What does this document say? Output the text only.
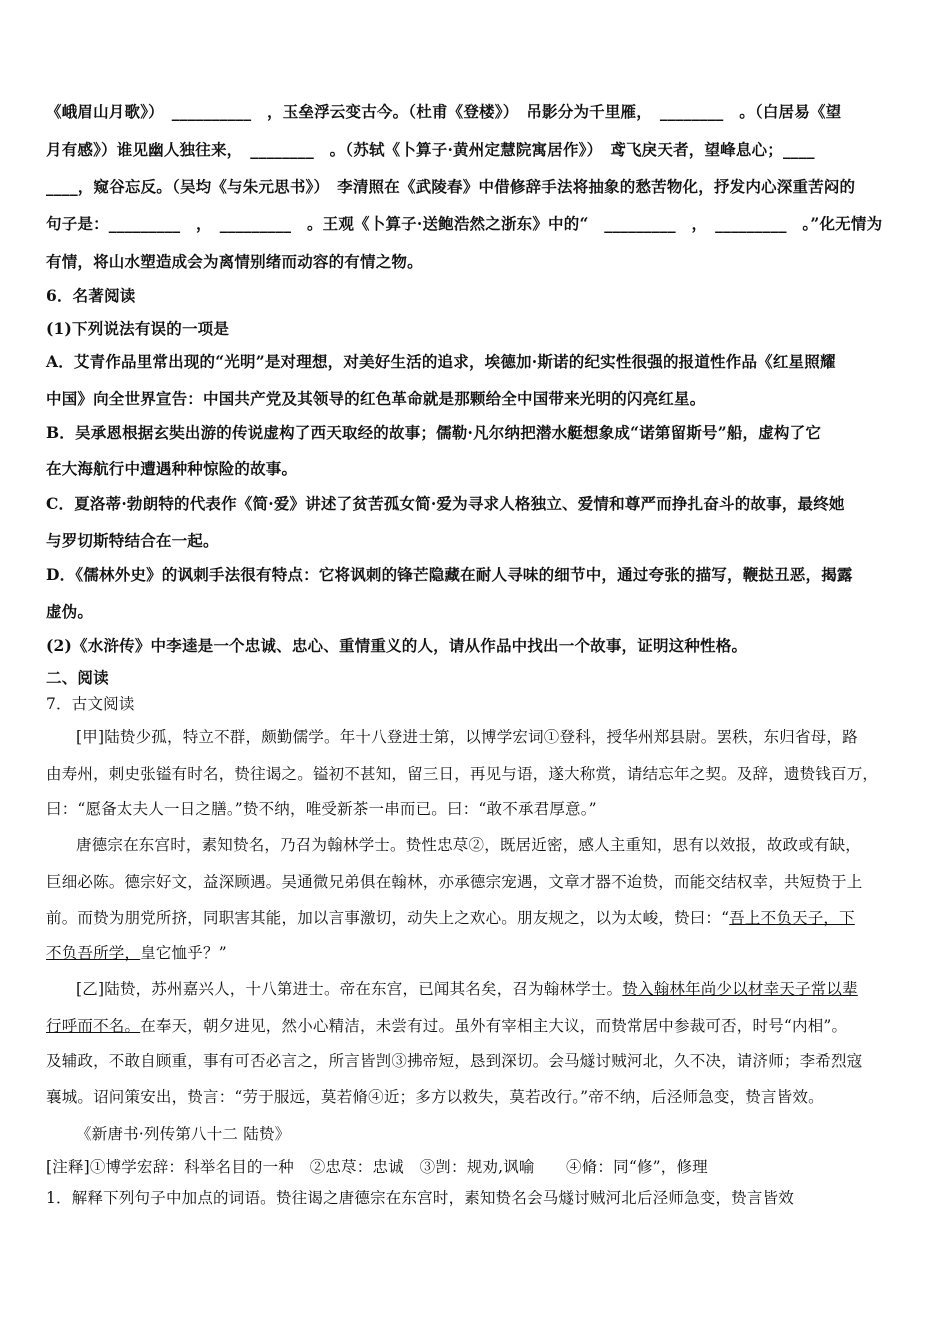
《峨眉山月歌》）　__________　，玉垒浮云变古今。（杜甫《登楼》）　吊影分为千里雁，　________　。（白居易《望
月有感》）谁见幽人独往来，　________　。（苏轼《卜算子·黄州定慧院寓居作》）　鸢飞戾天者，望峰息心；____
____，窥谷忘反。（吴均《与朱元思书》）　李清照在《武陵春》中借修辞手法将抽象的愁苦物化，抒发内心深重苦闷的
句子是：_________　，　_________　。王观《卜算子·送鲍浩然之浙东》中的“　_________　，　_________　。”化无情为
有情，将山水塑造成会为离情别绪而动容的有情之物。
6．名著阅读
(1)下列说法有误的一项是
A．艾青作品里常出现的“光明”是对理想，对美好生活的追求，埃德加·斯诺的纪实性很强的报道性作品《红星照耀
中国》向全世界宣告：中国共产党及其领导的红色革命就是那颗给全中国带来光明的闪亮红星。
B．吴承恩根据玄奘出游的传说虚构了西天取经的故事；儒勒·凡尔纳把潜水艇想象成“诺第留斯号”船，虚构了它
在大海航行中遭遇种种惊险的故事。
C．夏洛蒂·勃朗特的代表作《简·爱》讲述了贫苦孤女简·爱为寻求人格独立、爱情和尊严而挣扎奋斗的故事，最终她
与罗切斯特结合在一起。
D．《儒林外史》的讽刺手法很有特点：它将讽刺的锋芒隐藏在耐人寻味的细节中，通过夸张的描写，鞭挞丑恶，揭露
虚伪。
(2)《水浒传》中李逵是一个忠诚、忠心、重情重义的人，请从作品中找出一个故事，证明这种性格。
二、阅读
7．古文阅读
[甲]陆贽少孤，特立不群，颇勤儒学。年十八登进士第，以博学宏词①登科，授华州郑县尉。罢秩，东归省母，路
由寿州，刺史张镒有时名，贽往谒之。镒初不甚知，留三日，再见与语，遂大称赏，请结忘年之契。及辞，遗贽钱百万，
曰：“愿备太夫人一日之膳。”贽不纳，唯受新茶一串而已。曰：“敢不承君厚意。”
唐德宗在东宫时，素知贽名，乃召为翰林学士。贽性忠荩②，既居近密，感人主重知，思有以效报，故政或有缺，
巨细必陈。德宗好文，益深顾遇。吴通微兄弟俱在翰林，亦承德宗宠遇，文章才器不迨贽，而能交结权幸，共短贽于上
前。而贽为朋党所挤，同职害其能，加以言事激切，动失上之欢心。朋友规之，以为太峻，贽曰：“吾上不负天子，下
不负吾所学，皇它恤乎？”
[乙]陆贽，苏州嘉兴人，十八第进士。帝在东宫，已闻其名矣，召为翰林学士。贽入翰林年尚少以材幸天子常以辈
行呼而不名。在奉天，朝夕进见，然小心精洁，未尝有过。虽外有宰相主大议，而贽常居中参裁可否，时号“内相”。
及辅政，不敢自顾重，事有可否必言之，所言皆剀③拂帝短，恳到深切。会马燧讨贼河北，久不决，请济师；李希烈寇
襄城。诏问策安出，贽言：“劳于服远，莫若脩④近；多方以救失，莫若改行。”帝不纳，后泾师急变，贽言皆效。
《新唐书·列传第八十二 陆贽》
[注释]①博学宏辞：科举名目的一种　②忠荩：忠诚　③剀：规劝,讽喻　　④脩：同“修”，修理
1．解释下列句子中加点的词语。贽往谒之唐德宗在东宫时，素知贽名会马燧讨贼河北后泾师急变，贽言皆效
